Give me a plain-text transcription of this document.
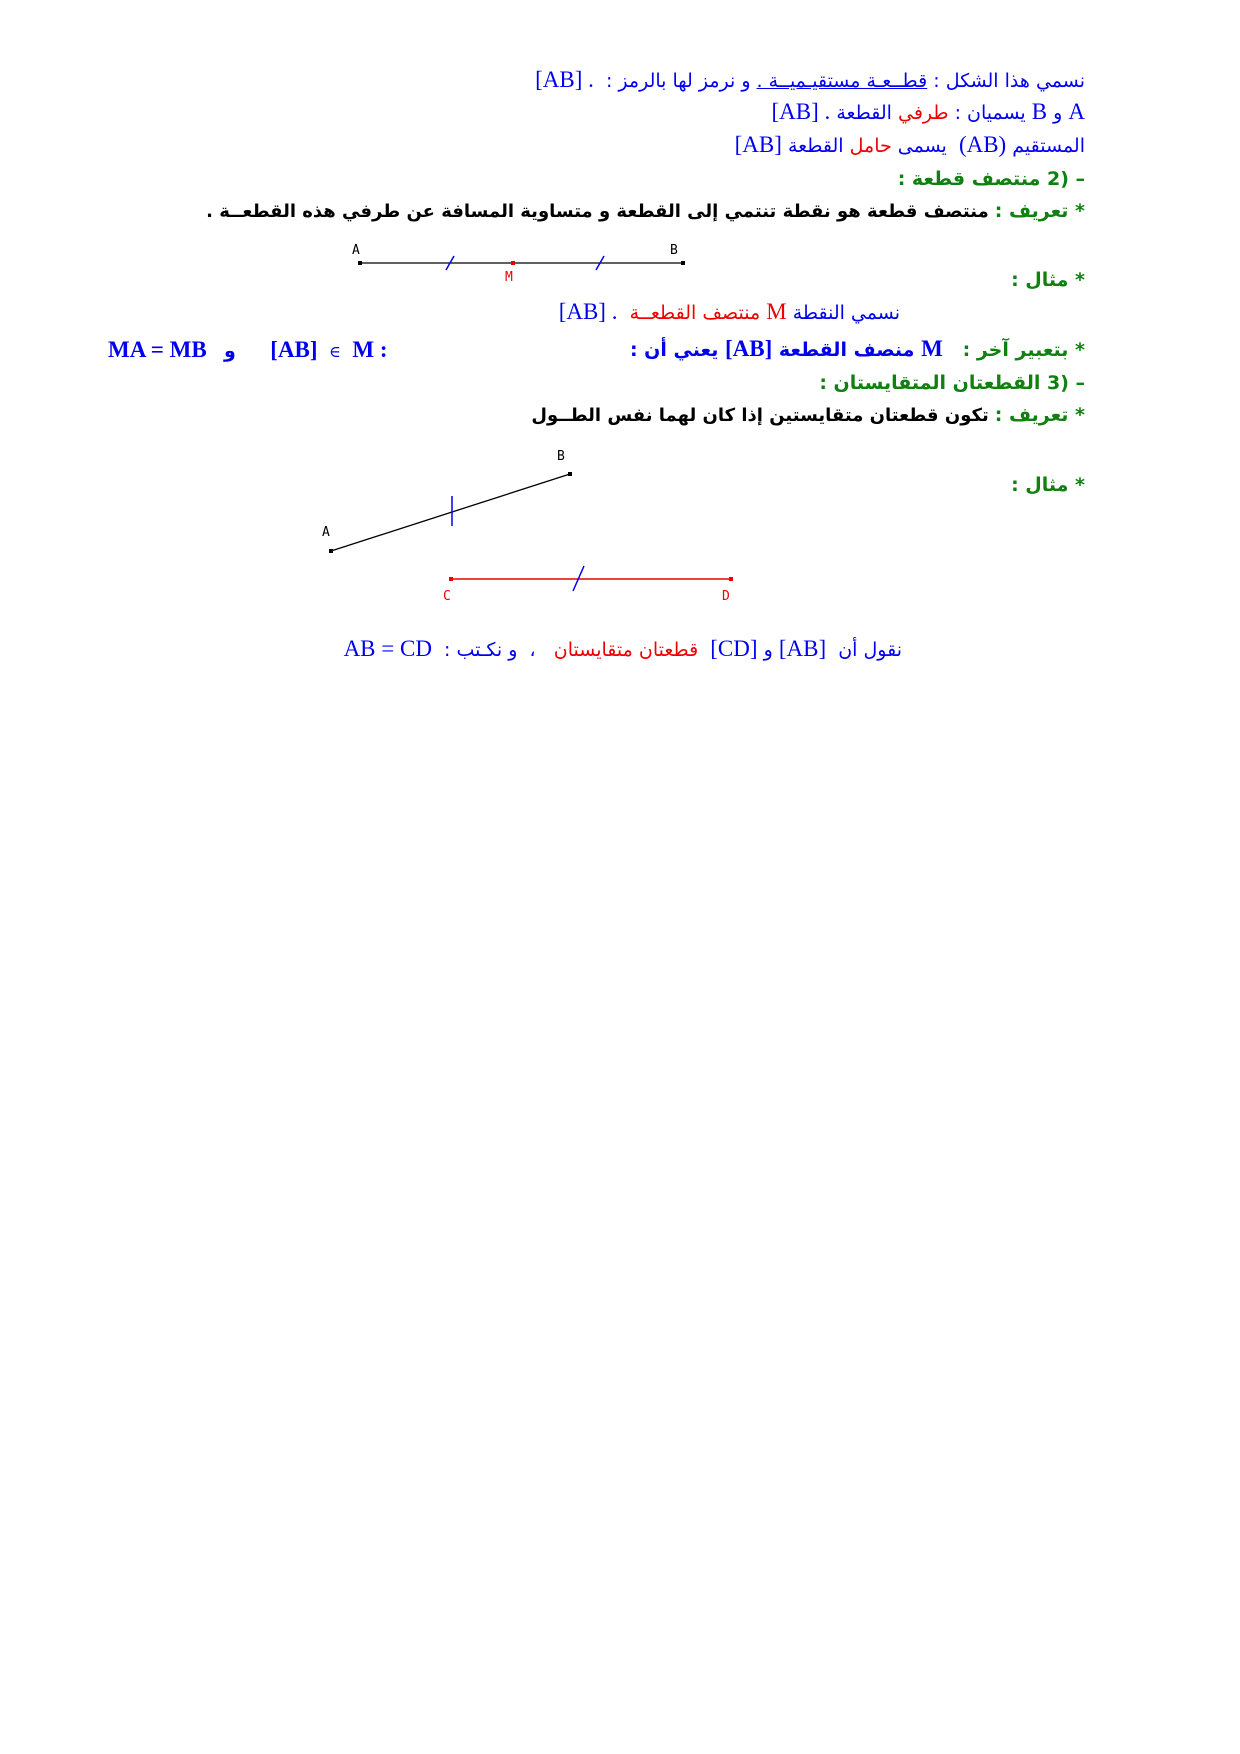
نسمي هذا الشكل : قطــعـة مستقيـميــة . و نرمز لها بالرمز :  [AB] .
A و B يسميان : طرفي القطعة [AB] .
المستقيم (AB)  يسمى حامل القطعة [AB]
2) – منتصف قطعة :
* تعريف : منتصف قطعة هو نقطة تنتمي إلى القطعة و متساوية المسافة عن طرفي هذه القطعــة .
* مثال :
نسمي النقطة M منتصف القطعــة  [AB] .
* بتعبير آخر :   M منصف القطعة [AB] يعني أن :
MA = MB و [AB] ∈ M :
3) – القطعتان المتقايستان :
* تعريف : تكون قطعتان متقايستين إذا كان لهما نفس الطــول
* مثال :
نقول أن  [AB] و [CD]  قطعتان متقايستان   ،  و نكـتب :  AB = CD
A	B
M
A
B
C	D
